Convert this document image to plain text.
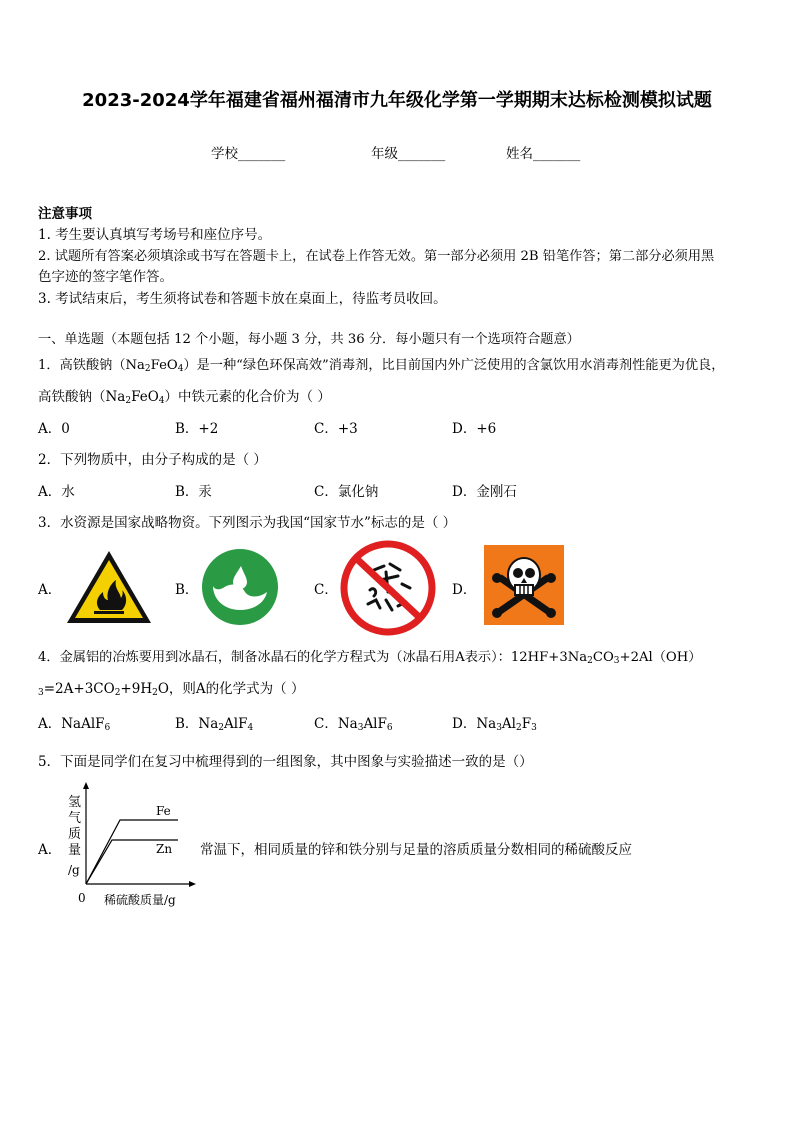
2023-2024学年福建省福州福清市九年级化学第一学期期末达标检测模拟试题
学校_______	年级_______	姓名_______
注意事项
1. 考生要认真填写考场号和座位序号。
2. 试题所有答案必须填涂或书写在答题卡上，在试卷上作答无效。第一部分必须用 2B 铅笔作答；第二部分必须用黑
色字迹的签字笔作答。
3. 考试结束后，考生须将试卷和答题卡放在桌面上，待监考员收回。
一、单选题（本题包括 12 个小题，每小题 3 分，共 36 分．每小题只有一个选项符合题意）
1．高铁酸钠$(Na_2FeO_4)$是一种“绿色环保高效”消毒剂，比目前国内外广泛使用的含氯饮用水消毒剂性能更为优良，
高铁酸钠$(Na_2FeO_4)$中铁元素的化合价为（ ）
A．0	B．+2	C．+3	D．+6
2．下列物质中，由分子构成的是（ ）
A．水	B．汞	C．氯化钠	D．金刚石
3．水资源是国家战略物资。下列图示为我国“国家节水”标志的是（ ）
A．	B．	C．	D．
4．金属铝的冶炼要用到冰晶石，制备冰晶石的化学方程式为（冰晶石用A表示）：$12HF+3Na_2CO_3+2Al(OH)$
$_3=2A+3CO_2+9H_2O$，则A的化学式为（ ）
A．NaAlF$_6$	B．$Na_2AlF_4$	C．$Na_3AlF_6$	D．$Na_3Al_2F_3$
5．下面是同学们在复习中梳理得到的一组图象，其中图象与实验描述一致的是（）
A．
氢
气
质
量
/g
Fe
Zn
0 稀硫酸质量/g
常温下，相同质量的锌和铁分别与足量的溶质质量分数相同的稀硫酸反应
